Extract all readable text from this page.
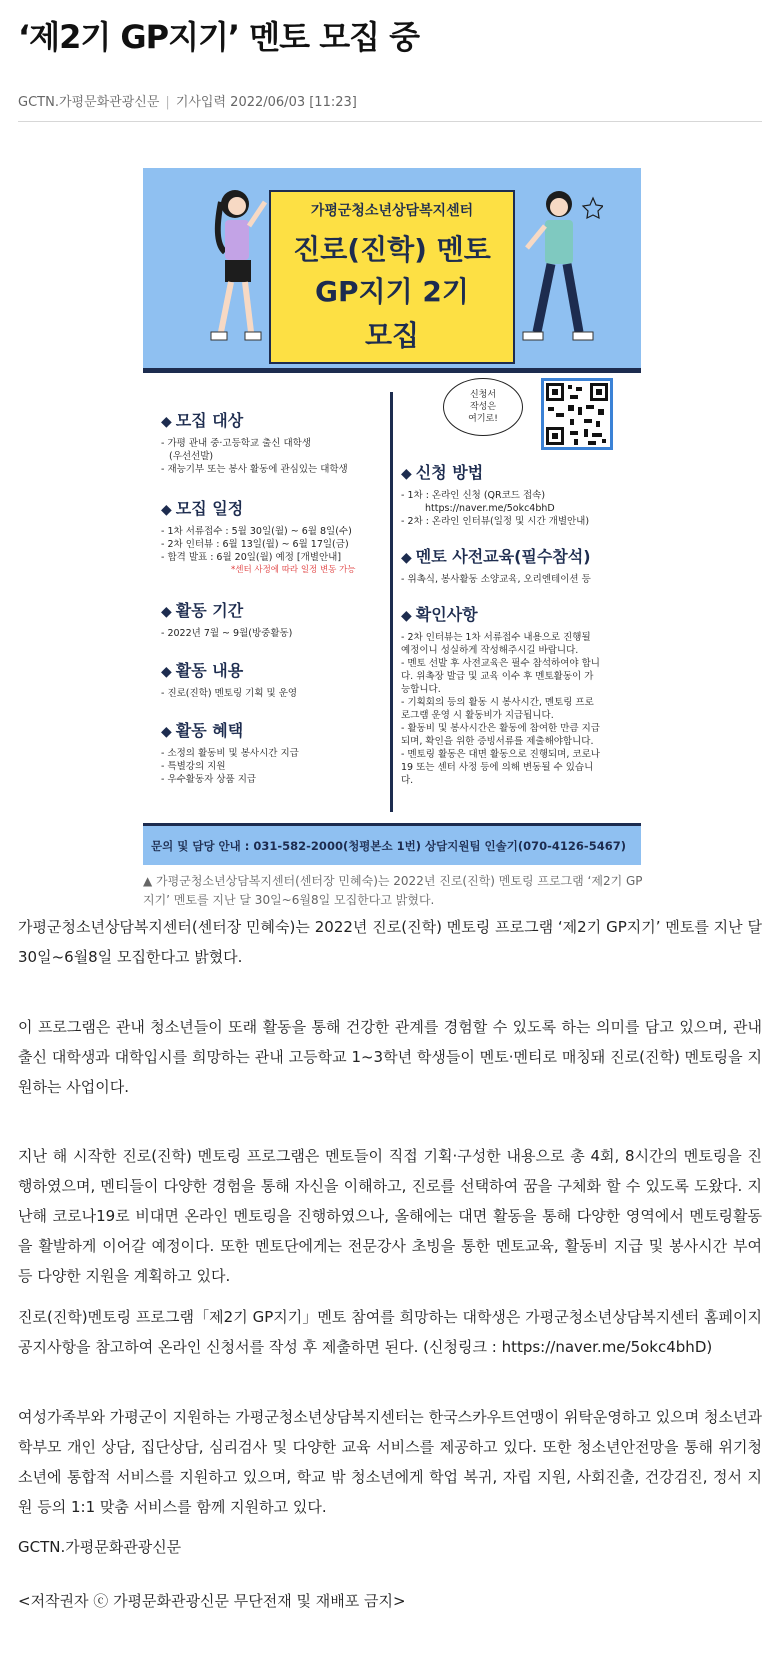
‘제2기 GP지기’ 멘토 모집 중
GCTN.가평문화관광신문 | 기사입력 2022/06/03 [11:23]
가평군청소년상담복지센터
진로(진학) 멘토
GP지기 2기
모집
◆ 모집 대상

- 가평 관내 중·고등학교 출신 대학생

(우선선발)

- 재능기부 또는 봉사 활동에 관심있는 대학생

◆ 모집 일정

- 1차 서류접수 : 5월 30일(월) ~ 6월 8일(수)

- 2차 인터뷰 : 6월 13일(월) ~ 6월 17일(금)

- 합격 발표 : 6월 20일(월) 예정 [개별안내]

*센터 사정에 따라 일정 변동 가능

◆ 활동 기간

- 2022년 7월 ~ 9월(방중활동)

◆ 활동 내용

- 진로(진학) 멘토링 기획 및 운영

◆ 활동 혜택

- 소정의 활동비 및 봉사시간 지급

- 특별강의 지원

- 우수활동자 상품 지급

신청서
작성은
여기로!
◆ 신청 방법

- 1차 : 온라인 신청 (QR코드 접속)

https://naver.me/5okc4bhD

- 2차 : 온라인 인터뷰(일정 및 시간 개별안내)

◆ 멘토 사전교육(필수참석)

- 위촉식, 봉사활동 소양교육, 오리엔테이션 등

◆ 확인사항

- 2차 인터뷰는 1차 서류접수 내용으로 진행될

예정이니 성실하게 작성해주시길 바랍니다.

- 멘토 선발 후 사전교육은 필수 참석하여야 합니

다. 위촉장 발급 및 교육 이수 후 멘토활동이 가

능합니다.

- 기획회의 등의 활동 시 봉사시간, 멘토링 프로

로그램 운영 시 활동비가 지급됩니다.

- 활동비 및 봉사시간은 활동에 참여한 만큼 지급

되며, 확인을 위한 증빙서류를 제출해야합니다.

- 멘토링 활동은 대면 활동으로 진행되며, 코로나

19 또는 센터 사정 등에 의해 변동될 수 있습니

다.	가평문화관광신문
문의 및 담당 안내 : 031-582-2000(청평본소 1번) 상담지원팀 인솔기(070-4126-5467)
▲ 가평군청소년상담복지센터(센터장 민혜숙)는 2022년 진로(진학) 멘토링 프로그램 ‘제2기 GP지기’ 멘토를 지난 달 30일~6월8일 모집한다고 밝혔다.

가평군청소년상담복지센터(센터장 민혜숙)는 2022년 진로(진학) 멘토링 프로그램 ‘제2기 GP지기’ 멘토를 지난 달 30일~6월8일 모집한다고 밝혔다.

이 프로그램은 관내 청소년들이 또래 활동을 통해 건강한 관계를 경험할 수 있도록 하는 의미를 담고 있으며, 관내 출신 대학생과 대학입시를 희망하는 관내 고등학교 1~3학년 학생들이 멘토·멘티로 매칭돼 진로(진학) 멘토링을 지원하는 사업이다.

지난 해 시작한 진로(진학) 멘토링 프로그램은 멘토들이 직접 기획·구성한 내용으로 총 4회, 8시간의 멘토링을 진행하였으며, 멘티들이 다양한 경험을 통해 자신을 이해하고, 진로를 선택하여 꿈을 구체화 할 수 있도록 도왔다. 지난해 코로나19로 비대면 온라인 멘토링을 진행하였으나, 올해에는 대면 활동을 통해 다양한 영역에서 멘토링활동을 활발하게 이어갈 예정이다. 또한 멘토단에게는 전문강사 초빙을 통한 멘토교육, 활동비 지급 및 봉사시간 부여 등 다양한 지원을 계획하고 있다.

진로(진학)멘토링 프로그램「제2기 GP지기」멘토 참여를 희망하는 대학생은 가평군청소년상담복지센터 홈페이지 공지사항을 참고하여 온라인 신청서를 작성 후 제출하면 된다. (신청링크 : https://naver.me/5okc4bhD)

여성가족부와 가평군이 지원하는 가평군청소년상담복지센터는 한국스카우트연맹이 위탁운영하고 있으며 청소년과 학부모 개인 상담, 집단상담, 심리검사 및 다양한 교육 서비스를 제공하고 있다. 또한 청소년안전망을 통해 위기청소년에 통합적 서비스를 지원하고 있으며, 학교 밖 청소년에게 학업 복귀, 자립 지원, 사회진출, 건강검진, 정서 지원 등의 1:1 맞춤 서비스를 함께 지원하고 있다.

GCTN.가평문화관광신문

<저작권자 ⓒ 가평문화관광신문 무단전재 및 재배포 금지>
